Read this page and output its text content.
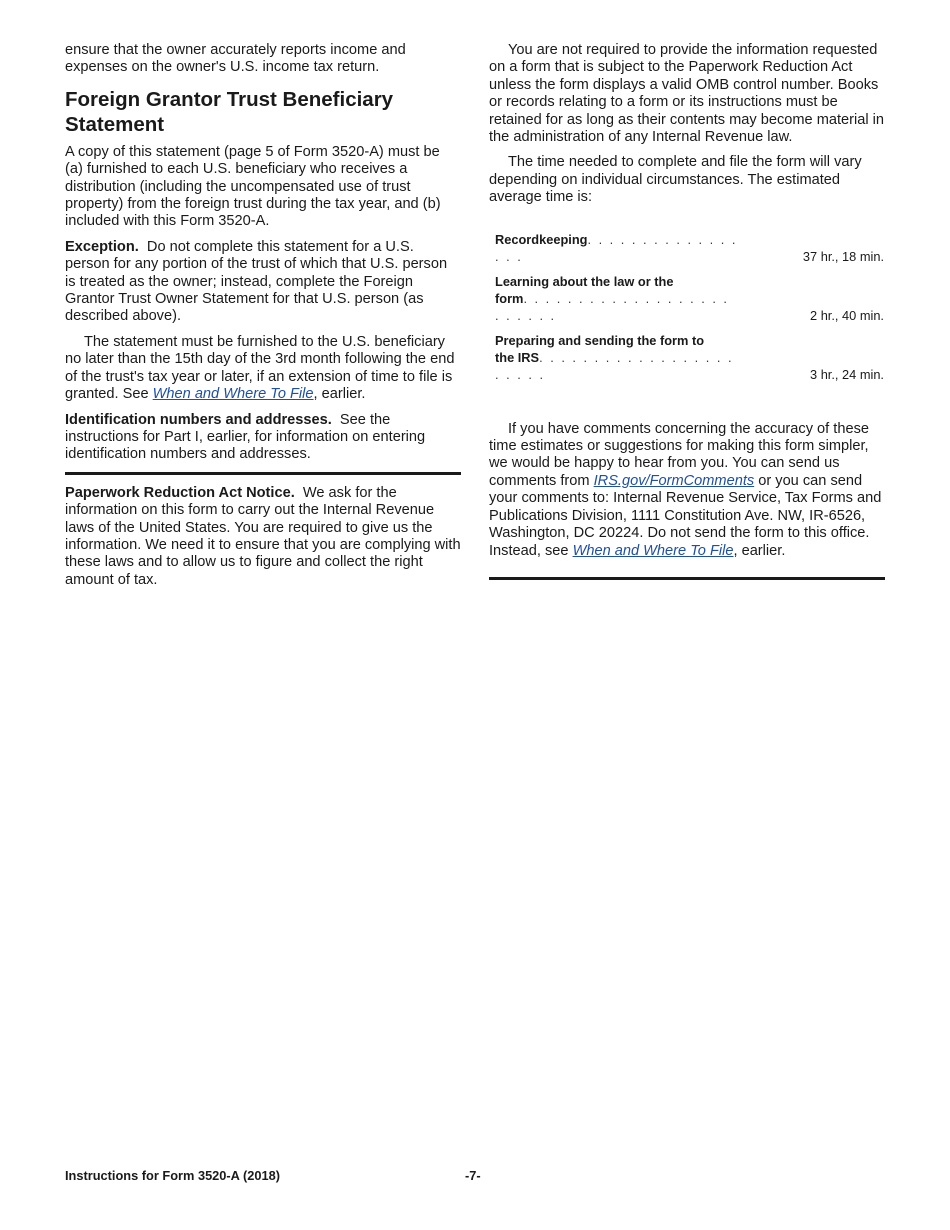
ensure that the owner accurately reports income and expenses on the owner's U.S. income tax return.

Foreign Grantor Trust Beneficiary Statement

A copy of this statement (page 5 of Form 3520-A) must be (a) furnished to each U.S. beneficiary who receives a distribution (including the uncompensated use of trust property) from the foreign trust during the tax year, and (b) included with this Form 3520-A.

Exception. Do not complete this statement for a U.S. person for any portion of the trust of which that U.S. person is treated as the owner; instead, complete the Foreign Grantor Trust Owner Statement for that U.S. person (as described above).

The statement must be furnished to the U.S. beneficiary no later than the 15th day of the 3rd month following the end of the trust's tax year or later, if an extension of time to file is granted. See When and Where To File, earlier.

Identification numbers and addresses. See the instructions for Part I, earlier, for information on entering identification numbers and addresses.

Paperwork Reduction Act Notice. We ask for the information on this form to carry out the Internal Revenue laws of the United States. You are required to give us the information. We need it to ensure that you are complying with these laws and to allow us to figure and collect the right amount of tax.

You are not required to provide the information requested on a form that is subject to the Paperwork Reduction Act unless the form displays a valid OMB control number. Books or records relating to a form or its instructions must be retained for as long as their contents may become material in the administration of any Internal Revenue law.

The time needed to complete and file the form will vary depending on individual circumstances. The estimated average time is:

Recordkeeping. . . . . . . . . . . . . . . . .	37 hr., 18 min.
Learning about the law or the
form. . . . . . . . . . . . . . . . . . . . . . . . .	2 hr., 40 min.
Preparing and sending the form to
the IRS. . . . . . . . . . . . . . . . . . . . . . .	3 hr., 24 min.

If you have comments concerning the accuracy of these time estimates or suggestions for making this form simpler, we would be happy to hear from you. You can send us comments from IRS.gov/FormComments or you can send your comments to: Internal Revenue Service, Tax Forms and Publications Division, 1111 Constitution Ave. NW, IR-6526, Washington, DC 20224. Do not send the form to this office. Instead, see When and Where To File, earlier.

Instructions for Form 3520-A (2018)	-7-
